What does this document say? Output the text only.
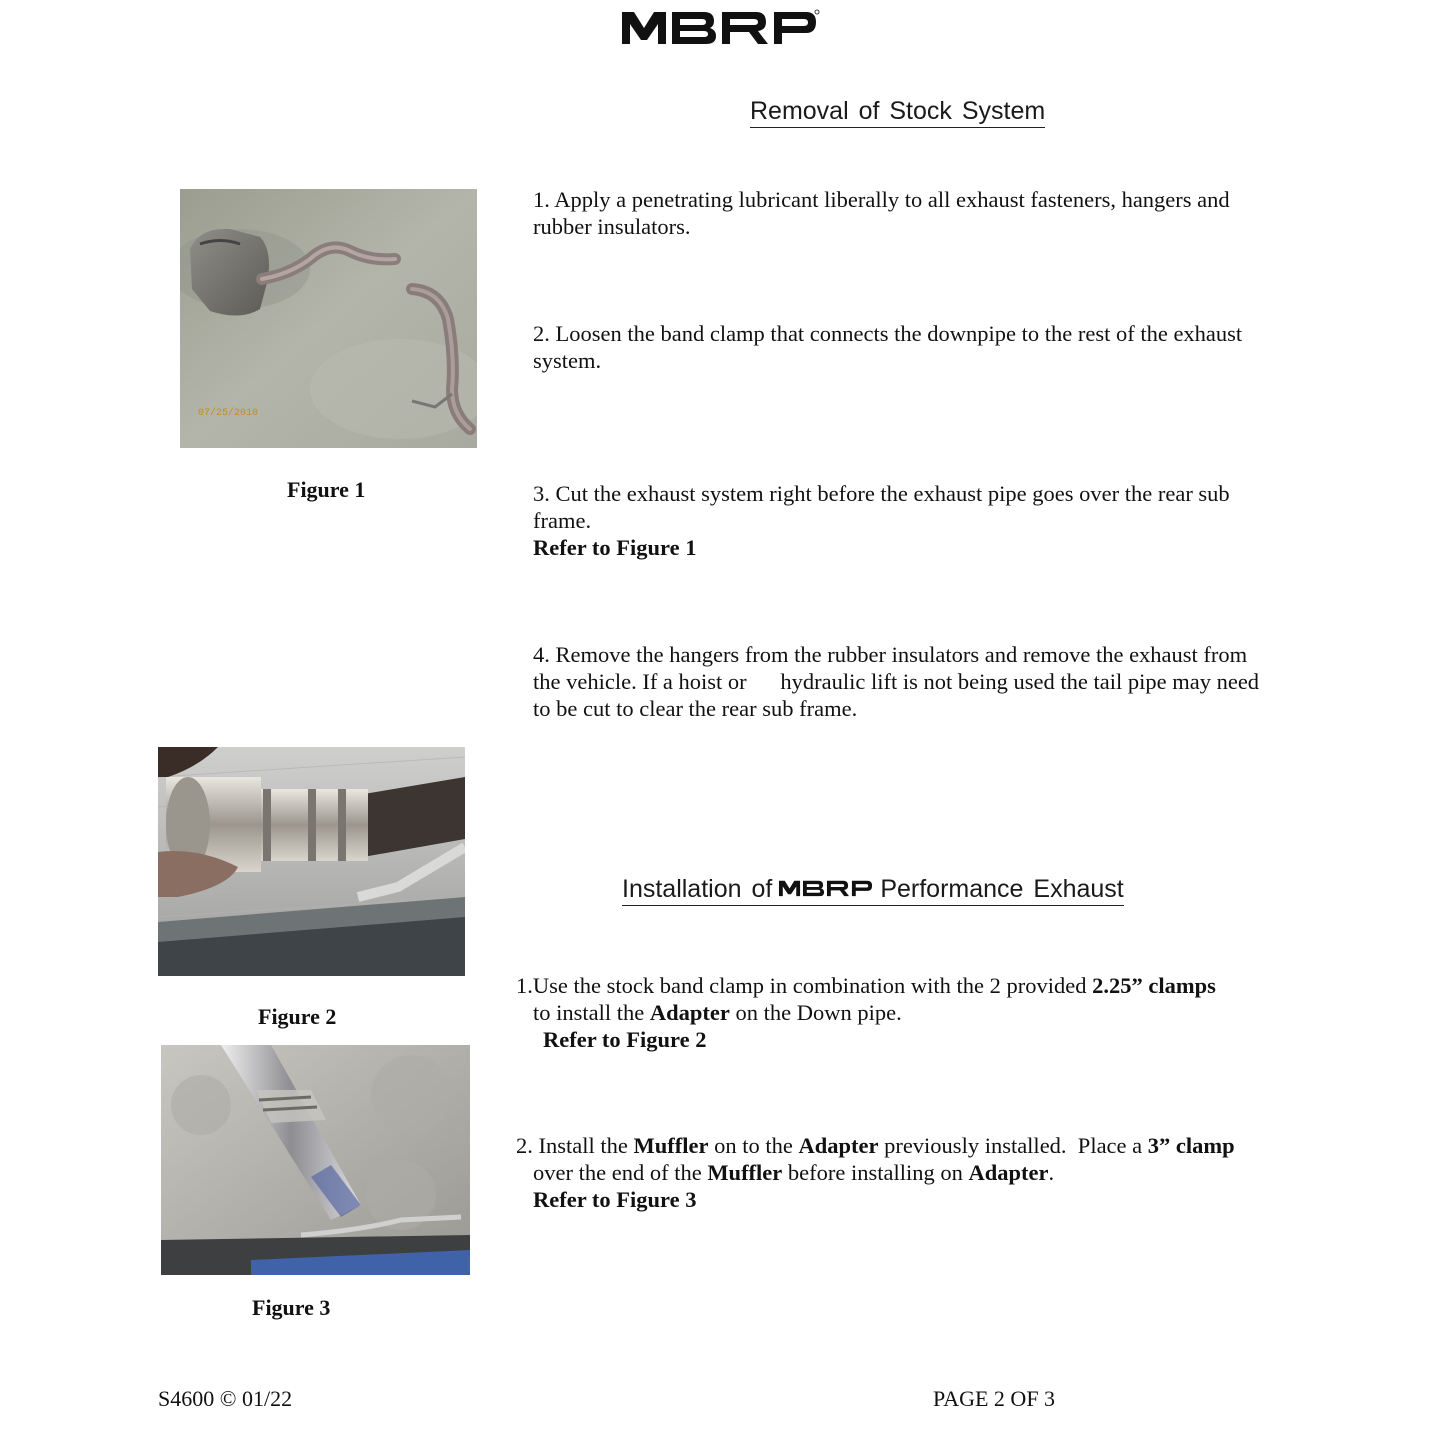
Removal of Stock System
1. Apply a penetrating lubricant liberally to all exhaust fasteners, hangers and rubber insulators.
2. Loosen the band clamp that connects the downpipe to the rest of the exhaust system.
3. Cut the exhaust system right before the exhaust pipe goes over the rear sub frame.
Refer to Figure 1
4. Remove the hangers from the rubber insulators and remove the exhaust from the vehicle. If a hoist or      hydraulic lift is not being used the tail pipe may need to be cut to clear the rear sub frame.
07/25/2010
Figure 1
Figure 2
Figure 3
Installation of	Performance Exhaust
1.Use the stock band clamp in combination with the 2 provided 2.25” clamps
to install the Adapter on the Down pipe.
Refer to Figure 2
2. Install the Muffler on to the Adapter previously installed.  Place a 3” clamp
over the end of the Muffler before installing on Adapter.
Refer to Figure 3
S4600 © 01/22	PAGE 2 OF 3
